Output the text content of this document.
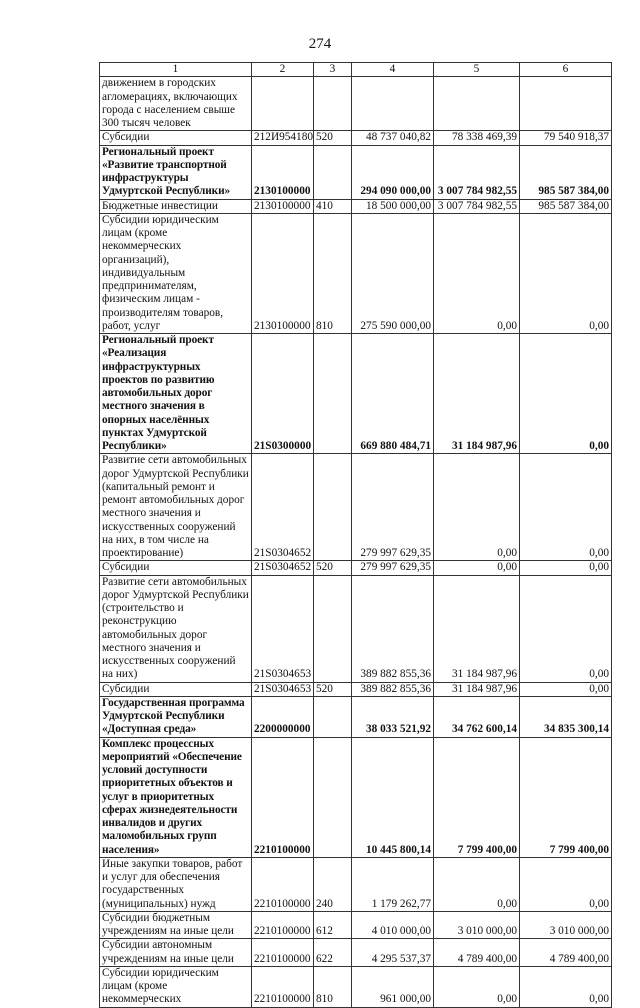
274
1	2	3	4	5	6
движением в городских агломерациях, включающих города с населением свыше 300 тысяч человек					
Субсидии	212И954180	520	48 737 040,82	78 338 469,39	79 540 918,37
Региональный проект «Развитие транспортной инфраструктуры Удмуртской Республики»	2130100000		294 090 000,00	3 007 784 982,55	985 587 384,00
Бюджетные инвестиции	2130100000	410	18 500 000,00	3 007 784 982,55	985 587 384,00
Субсидии юридическим лицам (кроме некоммерческих организаций), индивидуальным предпринимателям, физическим лицам - производителям товаров, работ, услуг	2130100000	810	275 590 000,00	0,00	0,00
Региональный проект «Реализация инфраструктурных проектов по развитию автомобильных дорог местного значения в опорных населённых пунктах Удмуртской Республики»	21S0300000		669 880 484,71	31 184 987,96	0,00
Развитие сети автомобильных дорог Удмуртской Республики (капитальный ремонт и ремонт автомобильных дорог местного значения и искусственных сооружений на них, в том числе на проектирование)	21S0304652		279 997 629,35	0,00	0,00
Субсидии	21S0304652	520	279 997 629,35	0,00	0,00
Развитие сети автомобильных дорог Удмуртской Республики (строительство и реконструкцию автомобильных дорог местного значения и искусственных сооружений на них)	21S0304653		389 882 855,36	31 184 987,96	0,00
Субсидии	21S0304653	520	389 882 855,36	31 184 987,96	0,00
Государственная программа Удмуртской Республики «Доступная среда»	2200000000		38 033 521,92	34 762 600,14	34 835 300,14
Комплекс процессных мероприятий «Обеспечение условий доступности приоритетных объектов и услуг в приоритетных сферах жизнедеятельности инвалидов и других маломобильных групп населения»	2210100000		10 445 800,14	7 799 400,00	7 799 400,00
Иные закупки товаров, работ и услуг для обеспечения государственных (муниципальных) нужд	2210100000	240	1 179 262,77	0,00	0,00
Субсидии бюджетным учреждениям на иные цели	2210100000	612	4 010 000,00	3 010 000,00	3 010 000,00
Субсидии автономным учреждениям на иные цели	2210100000	622	4 295 537,37	4 789 400,00	4 789 400,00
Субсидии юридическим лицам (кроме некоммерческих	2210100000	810	961 000,00	0,00	0,00
